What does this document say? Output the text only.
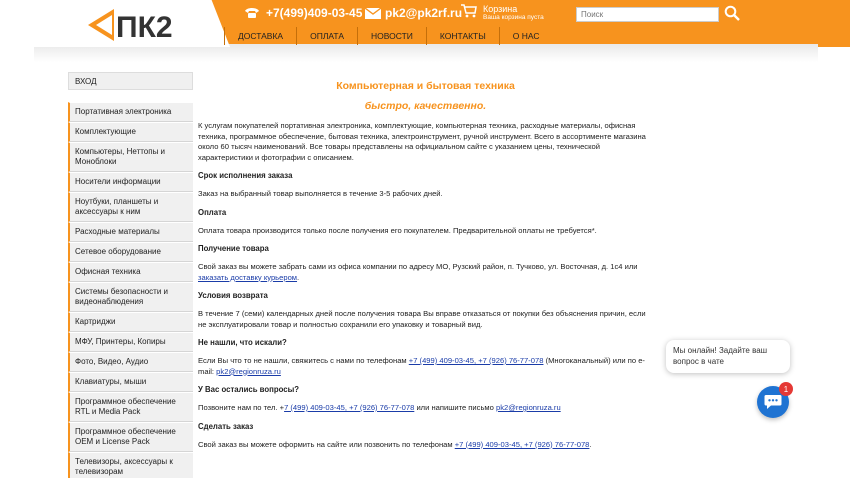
ПК2	+7(499)409-03-45 pk2@pk2rf.ru Корзина
Ваша корзина пуста
Поиск
ДОСТАВКА	ОПЛАТА	НОВОСТИ	КОНТАКТЫ	О НАС
ВХОД
Портативная электроника
Комплектующие
Компьютеры, Неттопы и Моноблоки
Носители информации
Ноутбуки, планшеты и аксессуары к ним
Расходные материалы
Сетевое оборудование
Офисная техника
Системы безопасности и видеонаблюдения
Картриджи
МФУ, Принтеры, Копиры
Фото, Видео, Аудио
Клавиатуры, мыши
Программное обеспечение RTL и Media Pack
Программное обеспечение OEM и License Pack
Телевизоры, аксессуары к телевизорам
Компьютерная и бытовая техника
быстро, качественно.

К услугам покупателей портативная электроника, комплектующие, компьютерная техника, расходные материалы, офисная техника, программное обеспечение, бытовая техника, электроинструмент, ручной инструмент. Всего в ассортименте магазина около 60 тысяч наименований. Все товары представлены на официальном сайте с указанием цены, технической характеристики и фотографии с описанием.

Срок исполнения заказа

Заказ на выбранный товар выполняется в течение 3-5 рабочих дней.

Оплата

Оплата товара производится только после получения его покупателем. Предварительной оплаты не требуется*.

Получение товара

Свой заказ вы можете забрать сами из офиса компании по адресу МО, Рузский район, п. Тучково, ул. Восточная, д. 1с4 или заказать доставку курьером.

Условия возврата

В течение 7 (семи) календарных дней после получения товара Вы вправе отказаться от покупки без объяснения причин, если не эксплуатировали товар и полностью сохранили его упаковку и товарный вид.

Не нашли, что искали?

Если Вы что то не нашли, свяжитесь с нами по телефонам +7 (499) 409-03-45, +7 (926) 76-77-078 (Многоканальный) или по e-mail: pk2@regionruza.ru

У Вас остались вопросы?

Позвоните нам по тел. +7 (499) 409-03-45, +7 (926) 76-77-078 или напишите письмо pk2@regionruza.ru

Сделать заказ

Свой заказ вы можете оформить на сайте или позвонить по телефонам +7 (499) 409-03-45, +7 (926) 76-77-078.

Мы онлайн! Задайте ваш вопрос в чате
1
